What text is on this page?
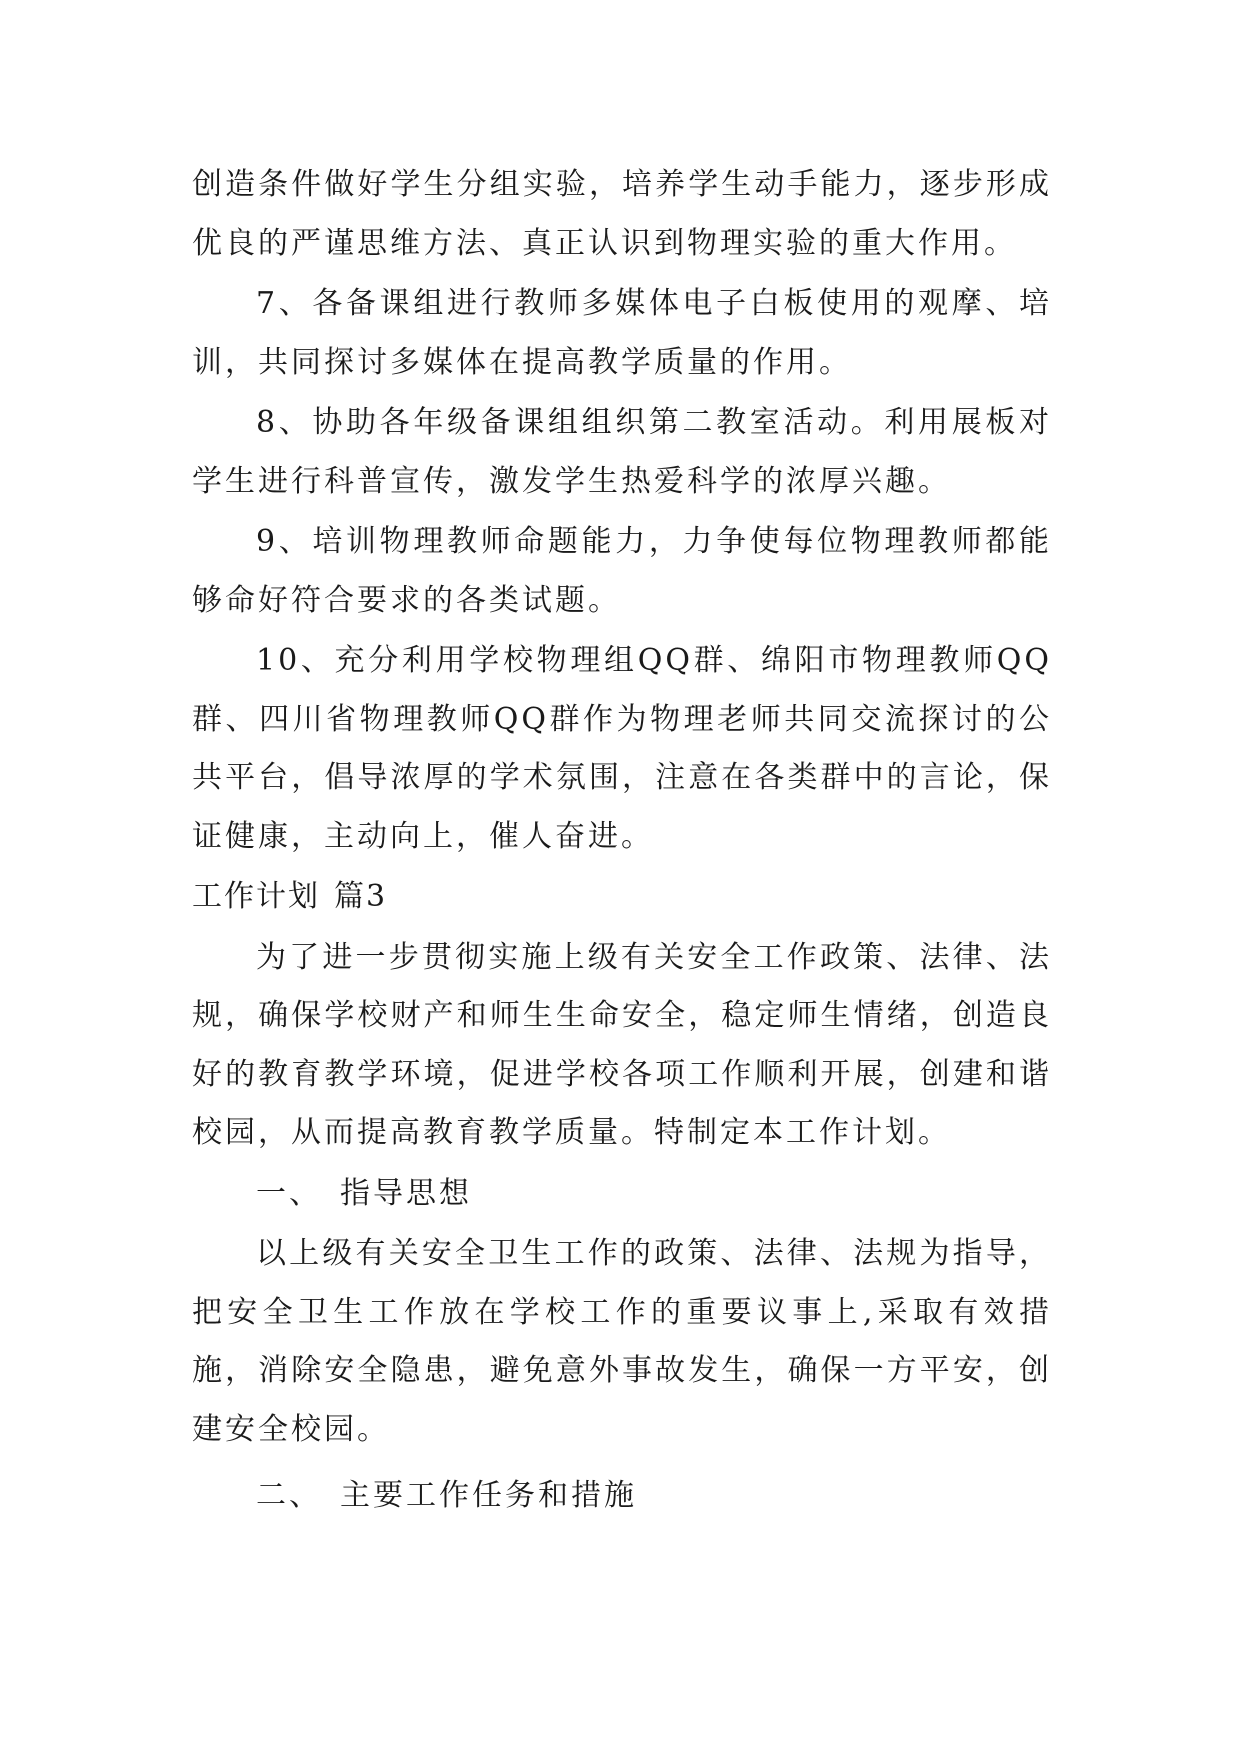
创造条件做好学生分组实验，培养学生动手能力，逐步形成优良的严谨思维方法、真正认识到物理实验的重大作用。

7、各备课组进行教师多媒体电子白板使用的观摩、培训，共同探讨多媒体在提高教学质量的作用。

8、协助各年级备课组组织第二教室活动。利用展板对学生进行科普宣传，激发学生热爱科学的浓厚兴趣。

9、培训物理教师命题能力，力争使每位物理教师都能够命好符合要求的各类试题。

10、充分利用学校物理组QQ群、绵阳市物理教师QQ群、四川省物理教师QQ群作为物理老师共同交流探讨的公共平台，倡导浓厚的学术氛围，注意在各类群中的言论，保证健康，主动向上，催人奋进。

工作计划 篇3

为了进一步贯彻实施上级有关安全工作政策、法律、法规，确保学校财产和师生生命安全，稳定师生情绪，创造良好的教育教学环境，促进学校各项工作顺利开展，创建和谐校园，从而提高教育教学质量。特制定本工作计划。

一、 指导思想

以上级有关安全卫生工作的政策、法律、法规为指导，把安全卫生工作放在学校工作的重要议事上,采取有效措施，消除安全隐患，避免意外事故发生，确保一方平安，创建安全校园。

二、 主要工作任务和措施
